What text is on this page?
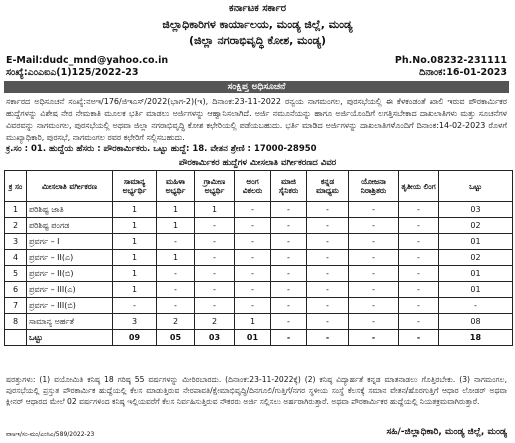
ಕರ್ನಾಟಕ ಸರ್ಕಾರ
ಜಿಲ್ಲಾಧಿಕಾರಿಗಳ ಕಾರ್ಯಾಲಯ, ಮಂಡ್ಯ ಜಿಲ್ಲೆ, ಮಂಡ್ಯ
(ಜಿಲ್ಲಾ ನಗರಾಭಿವೃದ್ಧಿ ಕೋಶ, ಮಂಡ್ಯ)
E-Mail:dudc_mnd@yahoo.co.in
ಸಂಖ್ಯೆ:ಎಂಎಐಎ(1)125/2022-23
Ph.No.08232-231111
ದಿನಾಂಕ:16-01-2023
ಸಂಕ್ಷಿಪ್ತ ಅಧಿಸೂಚನೆ
ಸರ್ಕಾರದ ಅಧಿಸೂಚನೆ ಸಂಖ್ಯೆ:ನಅಇ/176/ಜಿಇಎಸ್/2022(ಭಾಗ-2)(ಇ), ದಿನಾಂಕ:23-11-2022 ರನ್ವಯ ನಾಗಮಂಗಲ, ಪುರಸಭೆಯಲ್ಲಿ ಈ ಕೆಳಕಂಡಂತೆ ಖಾಲಿ ಇರುವ ಪೌರಕಾರ್ಮಿಕರ ಹುದ್ದೆಗಳನ್ನು ವಿಶೇಷ ನೇರ ನೇಮಕಾತಿ ಮೂಲಕ ಭರ್ತಿ ಮಾಡಲು ಅರ್ಜಿಗಳನ್ನು ಆಹ್ವಾನಿಸಲಾಗಿದೆ. ಅರ್ಜಿ ನಮೂನೆಯನ್ನು ಹಾಗೂ ಅರ್ಜಿಯೊಂದಿಗೆ ಲಗತ್ತಿಸಬೇಕಾದ ದಾಖಲಾತಿಗಳು ಮತ್ತು ಸೂಚನೆಗಳ ವಿವರವನ್ನು ನಾಗಮಂಗಲ, ಪುರಸಭೆಯಲ್ಲಿ ಅಥವಾ ಜಿಲ್ಲಾ ನಗರಾಭಿವೃದ್ಧಿ ಕೋಶ ಕಛೇರಿಯಲ್ಲಿ ಪಡೆಯಬಹುದು. ಭರ್ತಿ ಮಾಡಿದ ಅರ್ಜಿಗಳನ್ನು ದಾಖಲಾತಿಗಳೊಂದಿಗೆ ದಿನಾಂಕ:14-02-2023 ರೊಳಗೆ ಮುಖ್ಯಾಧಿಕಾರಿ, ಪುರಸಭೆ, ನಾಗಮಂಗಲ ರವರ ಕಛೇರಿಗೆ ಸಲ್ಲಿಸಬಹುದು.
ಕ್ರ.ಸಂ : 01. ಹುದ್ದೆಯ ಹೆಸರು : ಪೌರಕಾರ್ಮಿಕರು. ಒಟ್ಟು ಹುದ್ದೆ: 18. ವೇತನ ಶ್ರೇಣಿ : 17000-28950
ಪೌರಕಾರ್ಮಿಕರ ಹುದ್ದೆಗಳ ಮೀಸಲಾತಿ ವರ್ಗೀಕರಣದ ವಿವರ
ಕ್ರ ಸಂ	ಮೀಸಲಾತಿ ವರ್ಗೀಕರಣ	ಸಾಮಾನ್ಯ ಅರ್ಭ್ಯರ್ಥಿ	ಮಹಿಳಾ ಅಭ್ಯರ್ಥಿ	ಗ್ರಾಮೀಣ ಅಭ್ಯರ್ಥಿ	ಅಂಗ ವಿಕಲರು	ಮಾಜಿ ಸೈನಿಕರು	ಕನ್ನಡ ಮಾಧ್ಯಮ	ಯೋಜನಾ ನಿರಾಶ್ರಿತರು	ತೃತೀಯ ಲಿಂಗ	ಒಟ್ಟು
1	ಪರಿಶಿಷ್ಟ ಜಾತಿ	1	1	1	-	-	-	-	-	03
2	ಪರಿಶಿಷ್ಟ ಪಂಗಡ	1	1	-	-	-	-	-	-	02
3	ಪ್ರವರ್ಗ – I	1	-	-	-	-	-	-	-	01
4	ಪ್ರವರ್ಗ – II(ಎ)	1	1	-	-	-	-	-	-	02
5	ಪ್ರವರ್ಗ – II(ಬಿ)	1	-	-	-	-	-	-	-	01
6	ಪ್ರವರ್ಗ – III(ಎ)	1	-	-	-	-	-	-	-	01
7	ಪ್ರವರ್ಗ – III(ಬಿ)	-	-	-	-	-	-	-	-	-
8	ಸಾಮಾನ್ಯ ಅರ್ಹತೆ	3	2	2	1	-	-	-	-	08
	ಒಟ್ಟು	09	05	03	01	-	-	-	-	18
ಷರತ್ತುಗಳು: (1) ವಯೋಮಿತಿ ಕನಿಷ್ಠ 18 ಗರಿಷ್ಠ 55 ವರ್ಷಗಳನ್ನು ಮೀರಿರಬಾರದು. (ದಿನಾಂಕ:23-11-2022ಕ್ಕೆ) (2) ಕನಿಷ್ಠ ವಿದ್ಯಾರ್ಹತೆ ಕನ್ನಡ ಮಾತನಾಡಲು ಗೊತ್ತಿರಬೇಕು. (3) ನಾಗಮಂಗಲ, ಪುರಸಭೆಯಲ್ಲಿ ಪ್ರಸ್ತುತ ಪೌರಕಾರ್ಮಿಕ ಹುದ್ದೆಯಲ್ಲಿ ಕೆಲಸ ಮಾಡುತ್ತಿರುವ ನೇರಪಾವತಿ/ಕ್ಷೇಮಾಭಿವೃದ್ಧಿ/ದಿನಗೂಲಿ/ಗುತ್ತಿಗೆ/ನಗರ ಸ್ಥಳೀಯ ಸಂಸ್ಥೆ ಕೆಲಸಕ್ಕೆ ಸಮಾನ ವೇತನ/ಹೊರಗುತ್ತಿಗೆ ಆಧಾರ ಲೋಡರ್ ಅಥವಾ ಕ್ಲೀನರ್ ಆಧಾರದ ಮೇಲೆ 02 ವರ್ಷಗಳಿಂದ ಕನಿಷ್ಠ ಇಲ್ಲಿಯವರೆಗೆ ಕೆಲಸ ನಿರ್ವಹಿಸುತ್ತಿರುವ ನೌಕರರು ಅರ್ಜಿ ಸಲ್ಲಿಸಲು ಅರ್ಹರಾಗಿರುತ್ತಾರೆ. ಅಥವಾ ಪೌರಕಾರ್ಮಿಕರ ಹುದ್ದೆಯಲ್ಲಿ ನಿಯತಕ್ರಮವಾಗಿರುತ್ತಾರೆ.
ವಾಅಇ/ಸಂ-ಮಂ/ಎಂಸಿಎ/589/2022-23	ಸಹಿ/-ಜಿಲ್ಲಾಧಿಕಾರಿ, ಮಂಡ್ಯ ಜಿಲ್ಲೆ, ಮಂಡ್ಯ
